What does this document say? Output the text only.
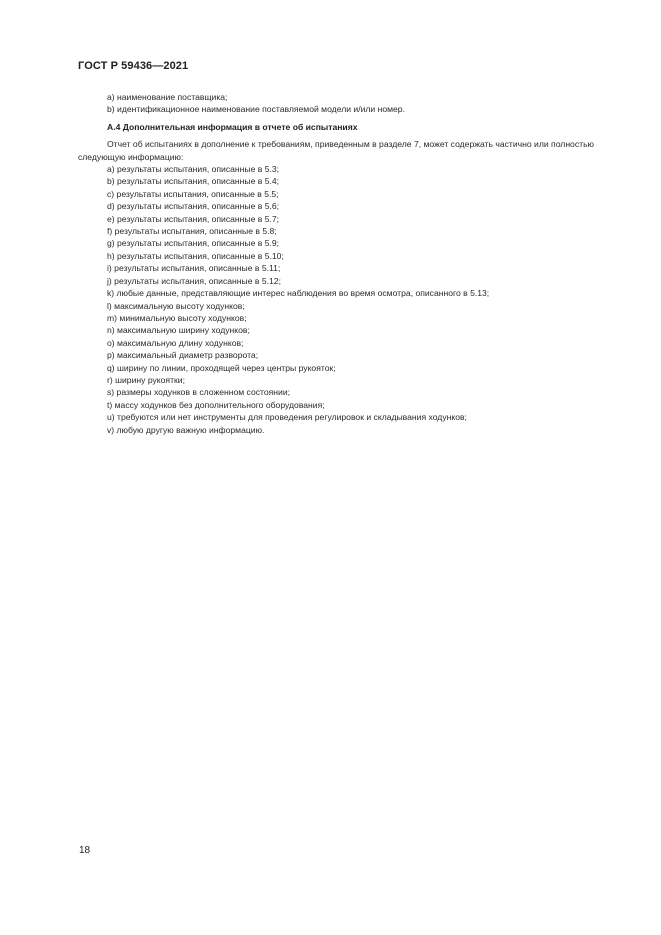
ГОСТ Р 59436—2021
a) наименование поставщика;
b) идентификационное наименование поставляемой модели и/или номер.
А.4 Дополнительная информация в отчете об испытаниях
Отчет об испытаниях в дополнение к требованиям, приведенным в разделе 7, может содержать частично или полностью следующую информацию:
a) результаты испытания, описанные в 5.3;
b) результаты испытания, описанные в 5.4;
c) результаты испытания, описанные в 5.5;
d) результаты испытания, описанные в 5.6;
e) результаты испытания, описанные в 5.7;
f) результаты испытания, описанные в 5.8;
g) результаты испытания, описанные в 5.9;
h) результаты испытания, описанные в 5.10;
i) результаты испытания, описанные в 5.11;
j) результаты испытания, описанные в 5.12;
k) любые данные, представляющие интерес наблюдения во время осмотра, описанного в 5.13;
l) максимальную высоту ходунков;
m) минимальную высоту ходунков;
n) максимальную ширину ходунков;
o) максимальную длину ходунков;
p) максимальный диаметр разворота;
q) ширину по линии, проходящей через центры рукояток;
r) ширину рукоятки;
s) размеры ходунков в сложенном состоянии;
t) массу ходунков без дополнительного оборудования;
u) требуются или нет инструменты для проведения регулировок и складывания ходунков;
v) любую другую важную информацию.
18
